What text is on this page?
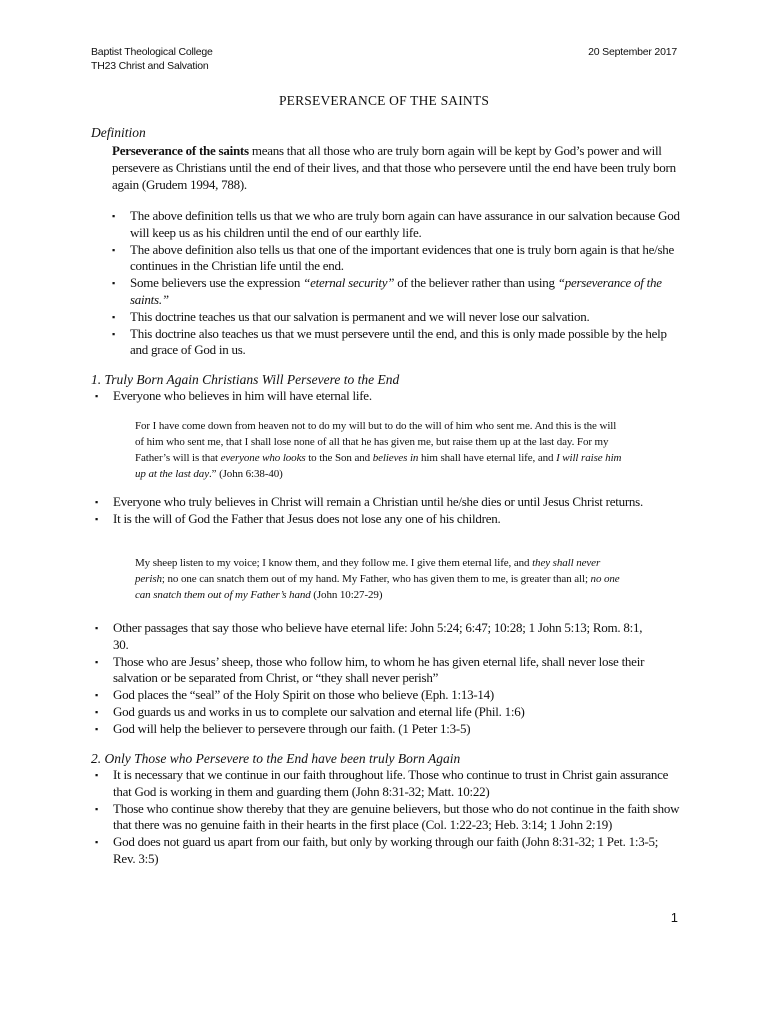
Baptist Theological College
TH23 Christ and Salvation
20 September 2017
PERSEVERANCE OF THE SAINTS
Definition
Perseverance of the saints means that all those who are truly born again will be kept by God’s power and will persevere as Christians until the end of their lives, and that those who persevere until the end have been truly born again (Grudem 1994, 788).
▪ The above definition tells us that we who are truly born again can have assurance in our salvation because God will keep us as his children until the end of our earthly life.
▪ The above definition also tells us that one of the important evidences that one is truly born again is that he/she continues in the Christian life until the end.
▪ Some believers use the expression “eternal security” of the believer rather than using “perseverance of the saints.”
▪ This doctrine teaches us that our salvation is permanent and we will never lose our salvation.
▪ This doctrine also teaches us that we must persevere until the end, and this is only made possible by the help and grace of God in us.
1. Truly Born Again Christians Will Persevere to the End
▪ Everyone who believes in him will have eternal life.
For I have come down from heaven not to do my will but to do the will of him who sent me. And this is the will of him who sent me, that I shall lose none of all that he has given me, but raise them up at the last day. For my Father’s will is that everyone who looks to the Son and believes in him shall have eternal life, and I will raise him up at the last day.” (John 6:38-40)
▪ Everyone who truly believes in Christ will remain a Christian until he/she dies or until Jesus Christ returns.
▪ It is the will of God the Father that Jesus does not lose any one of his children.
My sheep listen to my voice; I know them, and they follow me. I give them eternal life, and they shall never perish; no one can snatch them out of my hand. My Father, who has given them to me, is greater than all; no one can snatch them out of my Father’s hand (John 10:27-29)
▪ Other passages that say those who believe have eternal life: John 5:24; 6:47; 10:28; 1 John 5:13; Rom. 8:1, 30.
▪ Those who are Jesus’ sheep, those who follow him, to whom he has given eternal life, shall never lose their salvation or be separated from Christ, or “they shall never perish”
▪ God places the “seal” of the Holy Spirit on those who believe (Eph. 1:13-14)
▪ God guards us and works in us to complete our salvation and eternal life (Phil. 1:6)
▪ God will help the believer to persevere through our faith. (1 Peter 1:3-5)
2. Only Those who Persevere to the End have been truly Born Again
▪ It is necessary that we continue in our faith throughout life. Those who continue to trust in Christ gain assurance that God is working in them and guarding them (John 8:31-32; Matt. 10:22)
▪ Those who continue show thereby that they are genuine believers, but those who do not continue in the faith show that there was no genuine faith in their hearts in the first place (Col. 1:22-23; Heb. 3:14; 1 John 2:19)
▪ God does not guard us apart from our faith, but only by working through our faith (John 8:31-32; 1 Pet. 1:3-5; Rev. 3:5)
1
